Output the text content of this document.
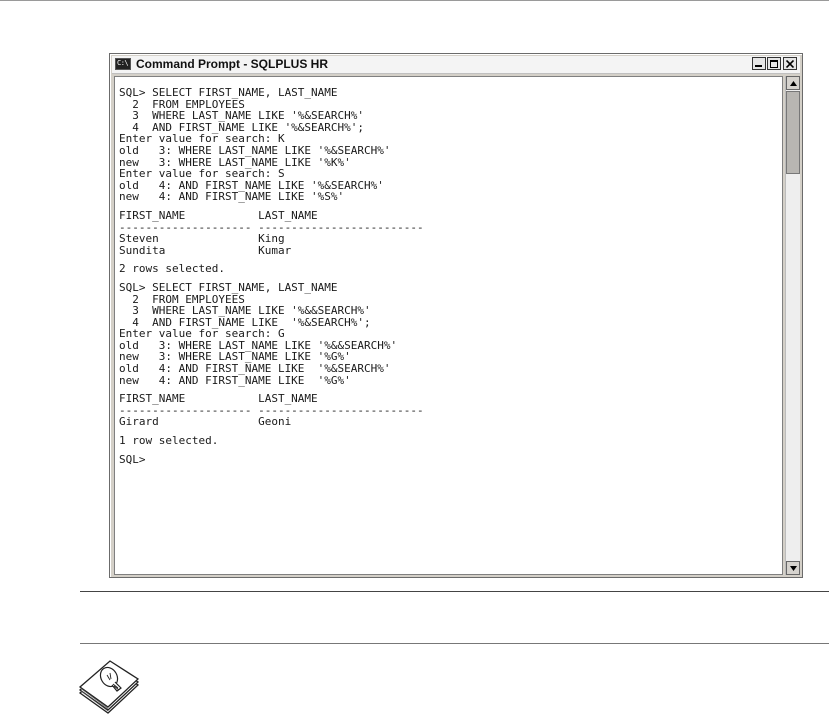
C:\ Command Prompt - SQLPLUS HR
SQL> SELECT FIRST_NAME, LAST_NAME
2  FROM EMPLOYEES
3  WHERE LAST_NAME LIKE '%&SEARCH%'
4  AND FIRST_NAME LIKE '%&SEARCH%';
Enter value for search: K
old   3: WHERE LAST_NAME LIKE '%&SEARCH%'
new   3: WHERE LAST_NAME LIKE '%K%'
Enter value for search: S
old   4: AND FIRST_NAME LIKE '%&SEARCH%'
new   4: AND FIRST_NAME LIKE '%S%'
FIRST_NAME           LAST_NAME
-------------------- -------------------------
Steven               King
Sundita              Kumar
2 rows selected.
SQL> SELECT FIRST_NAME, LAST_NAME
2  FROM EMPLOYEES
3  WHERE LAST_NAME LIKE '%&&SEARCH%'
4  AND FIRST_NAME LIKE  '%&SEARCH%';
Enter value for search: G
old   3: WHERE LAST_NAME LIKE '%&&SEARCH%'
new   3: WHERE LAST_NAME LIKE '%G%'
old   4: AND FIRST_NAME LIKE  '%&SEARCH%'
new   4: AND FIRST_NAME LIKE  '%G%'
FIRST_NAME           LAST_NAME
-------------------- -------------------------
Girard               Geoni
1 row selected.
SQL>
